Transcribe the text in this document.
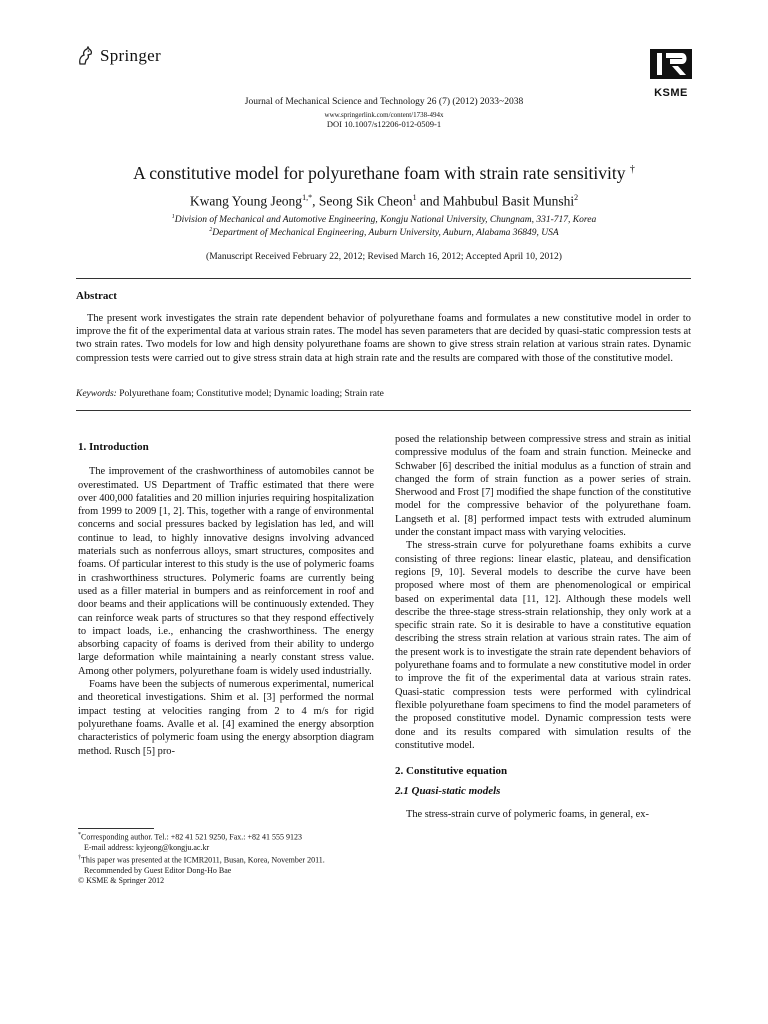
Springer
KSME
Journal of Mechanical Science and Technology 26 (7) (2012) 2033~2038
www.springerlink.com/content/1738-494x
DOI 10.1007/s12206-012-0509-1
A constitutive model for polyurethane foam with strain rate sensitivity †
Kwang Young Jeong$^{1,*}$, Seong Sik Cheon$^1$ and Mahbubul Basit Munshi$^2$
$^1$Division of Mechanical and Automotive Engineering, Kongju National University, Chungnam, 331-717, Korea
$^2$Department of Mechanical Engineering, Auburn University, Auburn, Alabama 36849, USA
(Manuscript Received February 22, 2012; Revised March 16, 2012; Accepted April 10, 2012)
Abstract
The present work investigates the strain rate dependent behavior of polyurethane foams and formulates a new constitutive model in order to improve the fit of the experimental data at various strain rates. The model has seven parameters that are decided by quasi-static compression tests at two strain rates. Two models for low and high density polyurethane foams are shown to give stress strain relation at various strain rates. Dynamic compression tests were carried out to give stress strain data at high strain rate and the results are compared with those of the constitutive model.
Keywords: Polyurethane foam; Constitutive model; Dynamic loading; Strain rate

1. Introduction

The improvement of the crashworthiness of automobiles cannot be overestimated. US Department of Traffic estimated that there were over 400,000 fatalities and 20 million injuries requiring hospitalization from 1999 to 2009 [1, 2]. This, together with a range of environmental concerns and social pressures backed by legislation has led, and will continue to lead, to highly innovative designs involving advanced materials such as nonferrous alloys, smart structures, composites and foams. Of particular interest to this study is the use of polymeric foams in crashworthiness structures. Polymeric foams are currently being used as a filler material in bumpers and as reinforcement in roof and door beams and their applications will be continuously extended. They can reinforce weak parts of structures so that they respond effectively to impact loads, i.e., enhancing the crashworthiness. The energy absorbing capacity of foams is derived from their ability to undergo large deformation while maintaining a nearly constant stress value. Among other polymers, polyurethane foam is widely used industrially.

Foams have been the subjects of numerous experimental, numerical and theoretical investigations. Shim et al. [3] performed the normal impact testing at velocities ranging from 2 to 4 m/s for rigid polyurethane foams. Avalle et al. [4] examined the energy absorption characteristics of polymeric foam using the energy absorption diagram method. Rusch [5] pro-

*Corresponding author. Tel.: +82 41 521 9250, Fax.: +82 41 555 9123
E-mail address: kyjeong@kongju.ac.kr
†This paper was presented at the ICMR2011, Busan, Korea, November 2011.
Recommended by Guest Editor Dong-Ho Bae
© KSME & Springer 2012

posed the relationship between compressive stress and strain as initial compressive modulus of the foam and strain function. Meinecke and Schwaber [6] described the initial modulus as a function of strain and changed the form of strain function as a power series of strain. Sherwood and Frost [7] modified the shape function of the constitutive model for the compressive behavior of the polyurethane foam. Langseth et al. [8] performed impact tests with extruded aluminum under the constant impact mass with varying velocities.

The stress-strain curve for polyurethane foams exhibits a curve consisting of three regions: linear elastic, plateau, and densification regions [9, 10]. Several models to describe the curve have been proposed where most of them are phenomenological or empirical based on experimental data [11, 12]. Although these models well describe the three-stage stress-strain relationship, they only work at a specific strain rate. So it is desirable to have a constitutive equation describing the stress strain relation at various strain rates. The aim of the present work is to investigate the strain rate dependent behaviors of polyurethane foams and to formulate a new constitutive model in order to improve the fit of the experimental data at various strain rates. Quasi-static compression tests were performed with cylindrical flexible polyurethane foam specimens to find the model parameters of the proposed constitutive model. Dynamic compression tests were done and its results compared with simulation results of the constitutive model.

2. Constitutive equation

2.1 Quasi-static models

The stress-strain curve of polymeric foams, in general, ex-
